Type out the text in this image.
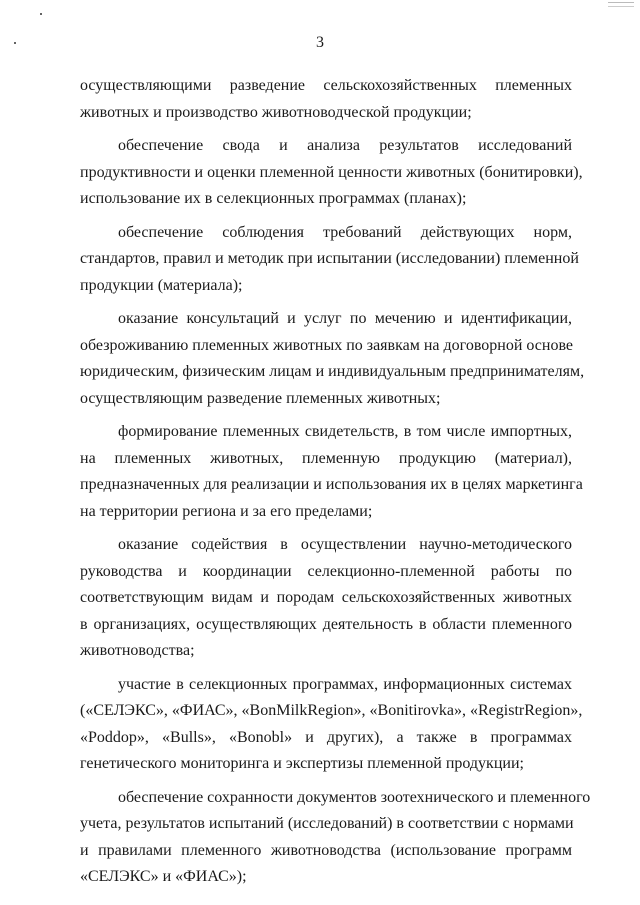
3
осуществляющими разведение сельскохозяйственных племенных
животных и производство животноводческой продукции;
обеспечение свода и анализа результатов исследований
продуктивности и оценки племенной ценности животных (бонитировки),
использование их в селекционных программах (планах);
обеспечение соблюдения требований действующих норм,
стандартов, правил и методик при испытании (исследовании) племенной
продукции (материала);
оказание консультаций и услуг по мечению и идентификации,
обезроживанию племенных животных по заявкам на договорной основе
юридическим, физическим лицам и индивидуальным предпринимателям,
осуществляющим разведение племенных животных;
формирование племенных свидетельств, в том числе импортных,
на племенных животных, племенную продукцию (материал),
предназначенных для реализации и использования их в целях маркетинга
на территории региона и за его пределами;
оказание содействия в осуществлении научно-методического
руководства и координации селекционно-племенной работы по
соответствующим видам и породам сельскохозяйственных животных
в организациях, осуществляющих деятельность в области племенного
животноводства;
участие в селекционных программах, информационных системах
(«СЕЛЭКС», «ФИАС», «BonMilkRegion», «Bonitirovka», «RegistrRegion»,
«Poddop», «Bulls», «Bonobl» и других), а также в программах
генетического мониторинга и экспертизы племенной продукции;
обеспечение сохранности документов зоотехнического и племенного
учета, результатов испытаний (исследований) в соответствии с нормами
и правилами племенного животноводства (использование программ
«СЕЛЭКС» и «ФИАС»);
